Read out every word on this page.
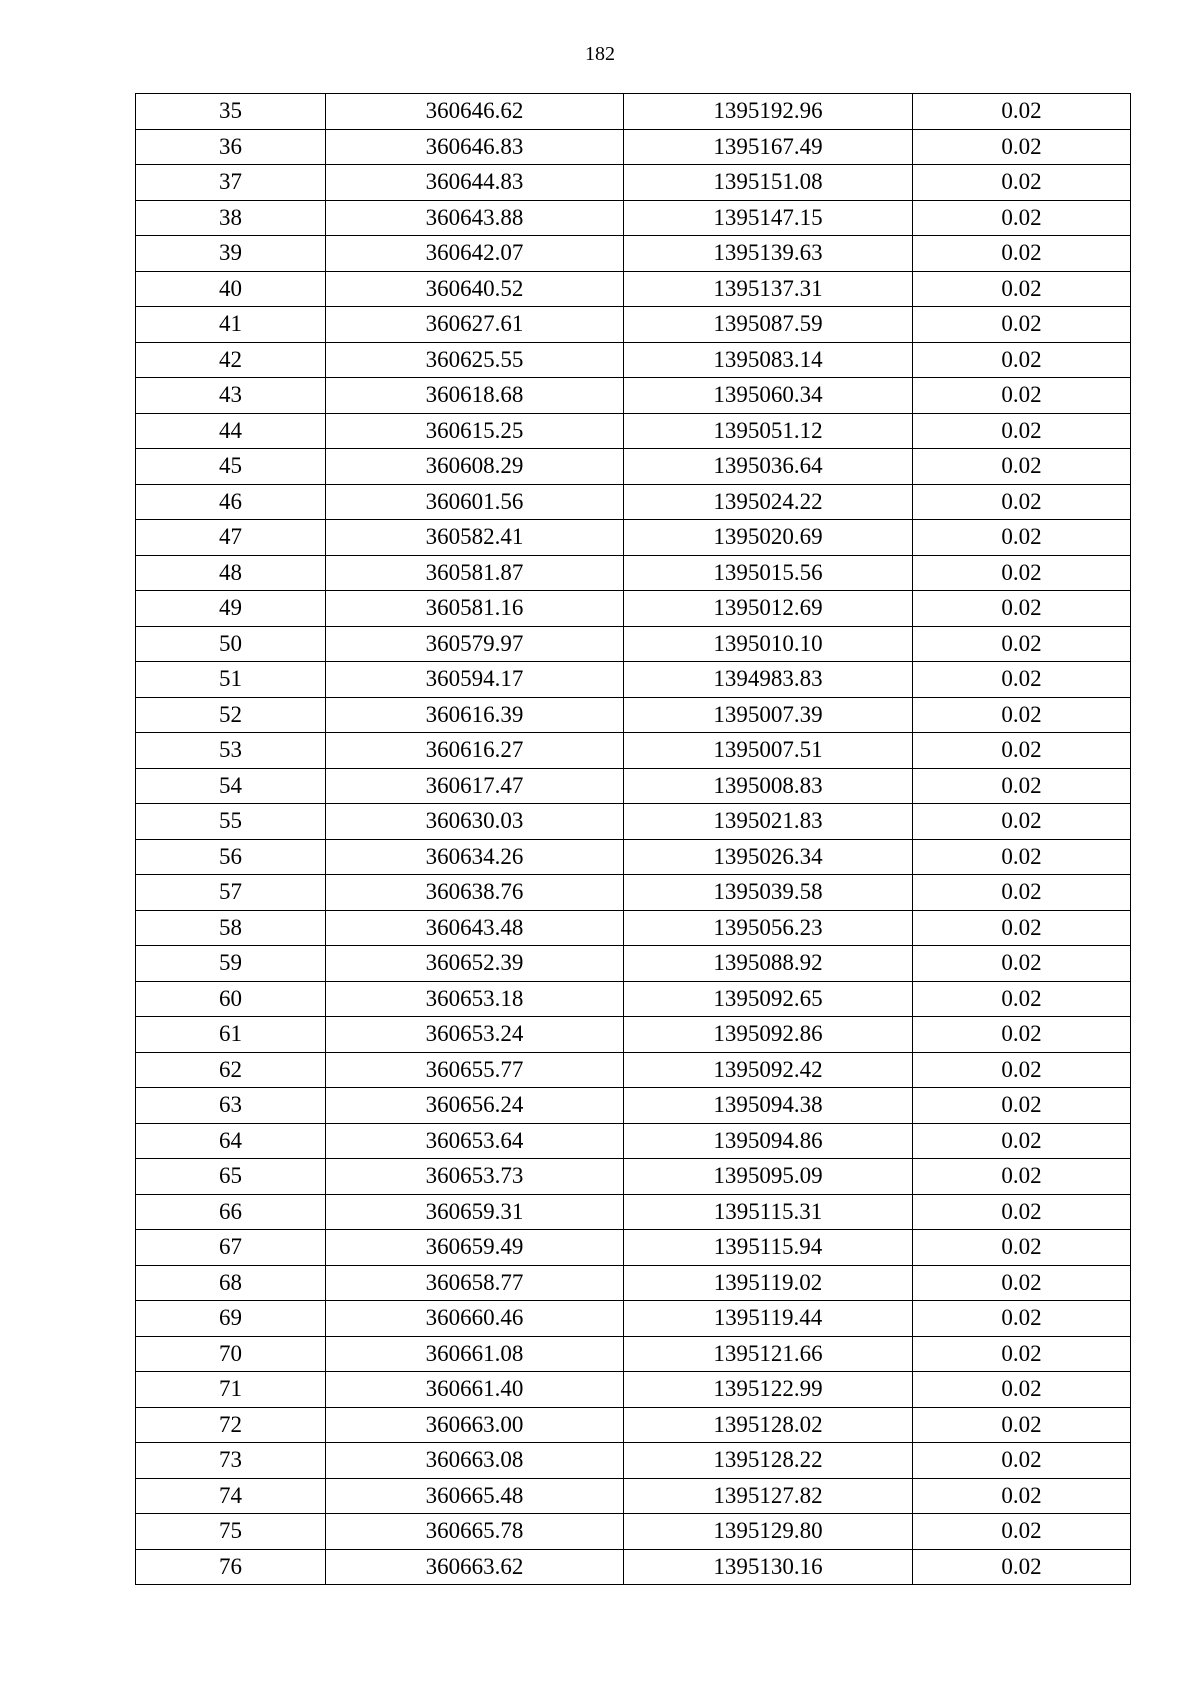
182
35	360646.62	1395192.96	0.02
36	360646.83	1395167.49	0.02
37	360644.83	1395151.08	0.02
38	360643.88	1395147.15	0.02
39	360642.07	1395139.63	0.02
40	360640.52	1395137.31	0.02
41	360627.61	1395087.59	0.02
42	360625.55	1395083.14	0.02
43	360618.68	1395060.34	0.02
44	360615.25	1395051.12	0.02
45	360608.29	1395036.64	0.02
46	360601.56	1395024.22	0.02
47	360582.41	1395020.69	0.02
48	360581.87	1395015.56	0.02
49	360581.16	1395012.69	0.02
50	360579.97	1395010.10	0.02
51	360594.17	1394983.83	0.02
52	360616.39	1395007.39	0.02
53	360616.27	1395007.51	0.02
54	360617.47	1395008.83	0.02
55	360630.03	1395021.83	0.02
56	360634.26	1395026.34	0.02
57	360638.76	1395039.58	0.02
58	360643.48	1395056.23	0.02
59	360652.39	1395088.92	0.02
60	360653.18	1395092.65	0.02
61	360653.24	1395092.86	0.02
62	360655.77	1395092.42	0.02
63	360656.24	1395094.38	0.02
64	360653.64	1395094.86	0.02
65	360653.73	1395095.09	0.02
66	360659.31	1395115.31	0.02
67	360659.49	1395115.94	0.02
68	360658.77	1395119.02	0.02
69	360660.46	1395119.44	0.02
70	360661.08	1395121.66	0.02
71	360661.40	1395122.99	0.02
72	360663.00	1395128.02	0.02
73	360663.08	1395128.22	0.02
74	360665.48	1395127.82	0.02
75	360665.78	1395129.80	0.02
76	360663.62	1395130.16	0.02
